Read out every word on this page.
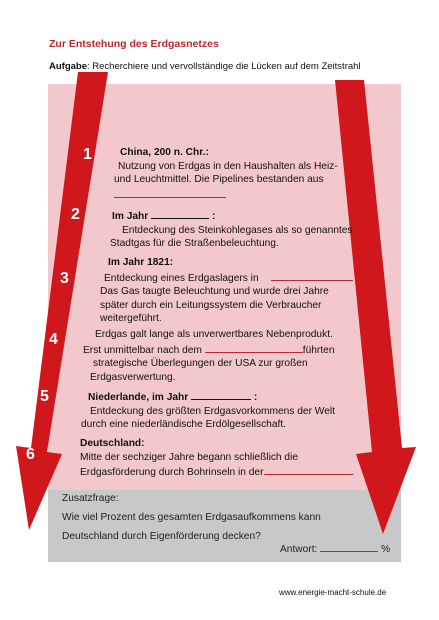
Zur Entstehung des Erdgasnetzes
Aufgabe: Recherchiere und vervollständige die Lücken auf dem Zeitstrahl
1
2
3
4
5
6
China, 200 n. Chr.:
Nutzung von Erdgas in den Haushalten als Heiz-
und Leuchtmittel. Die Pipelines bestanden aus
Im Jahr	:
Entdeckung des Steinkohlegases als so genanntes
Stadtgas für die Straßenbeleuchtung.
Im Jahr 1821:
Entdeckung eines Erdgaslagers in
Das Gas taugte Beleuchtung und wurde drei Jahre
später durch ein Leitungssystem die Verbraucher
weitergeführt.
Erdgas galt lange als unverwertbares Nebenprodukt.
Erst unmittelbar nach dem	führten
strategische Überlegungen der USA zur großen
Erdgasverwertung.
Niederlande, im Jahr	:
Entdeckung des größten Erdgasvorkommens der Welt
durch eine niederländische Erdölgesellschaft.
Deutschland:
Mitte der sechziger Jahre begann schließlich die
Erdgasförderung durch Bohrinseln in der	.
Zusatzfrage:
Wie viel Prozent des gesamten Erdgasaufkommens kann
Deutschland durch Eigenförderung decken?
Antwort:	%
www.energie-macht-schule.de
